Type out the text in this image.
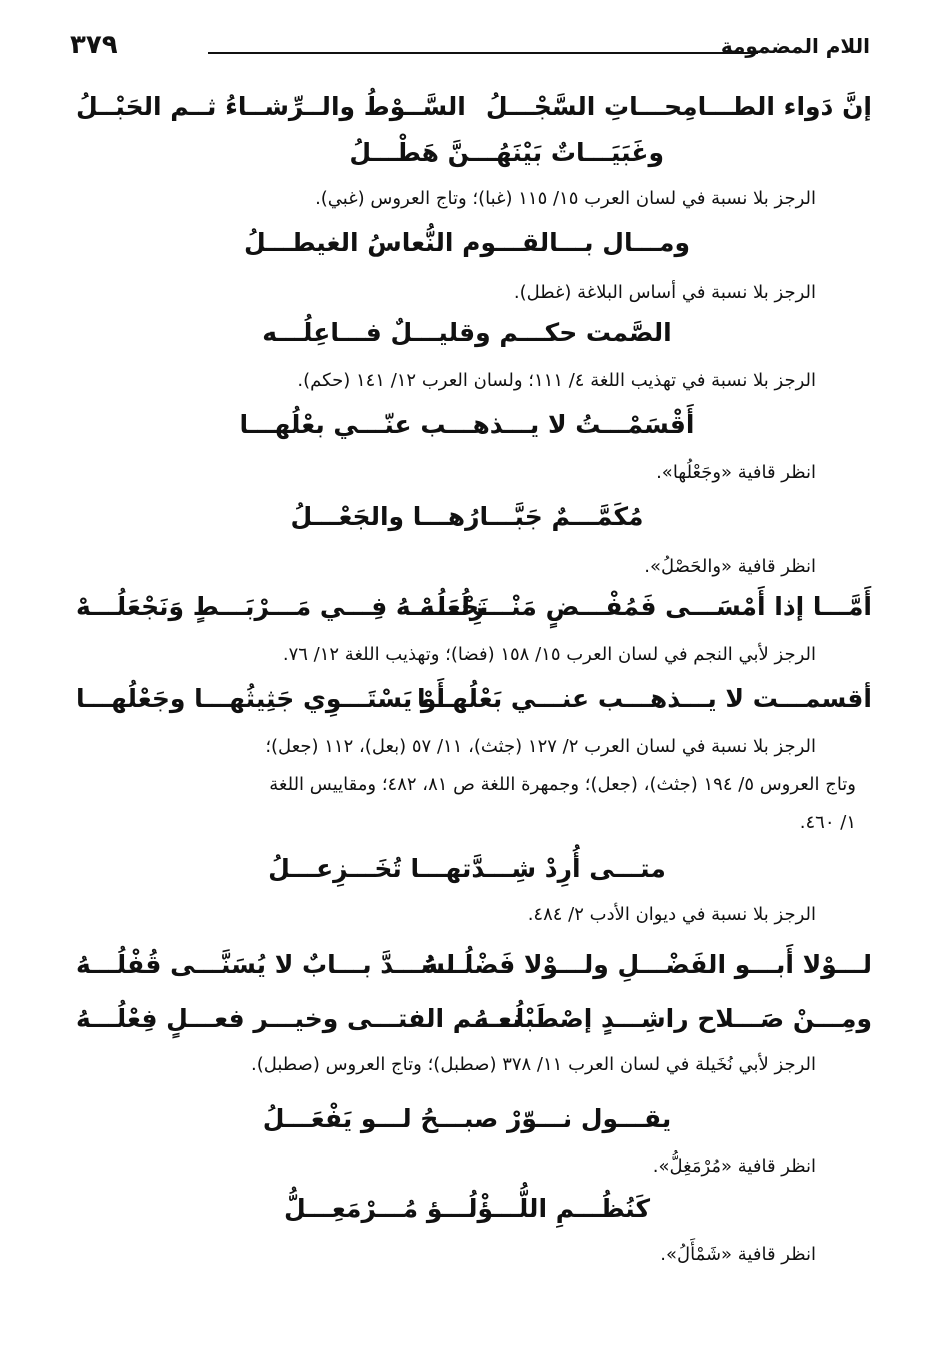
٣٧٩	اللام المضمومة
إنَّ دَواء الطـــامِحـــاتِ السَّجْـــلُ
السَّــوْطُ والــرِّشــاءُ ثــم الحَبْــلُ
وغَبَيَـــاتٌ بَيْنَهُـــنَّ هَطْـــلُ
الرجز بلا نسبة في لسان العرب ١٥/ ١١٥ (غبا)؛ وتاج العروس (غبي).
ومـــال بـــالقـــوم النُّعاسُ الغيطـــلُ
الرجز بلا نسبة في أساس البلاغة (غطل).
الصَّمت حكـــم وقليـــلٌ فـــاعِلُـــه
الرجز بلا نسبة في تهذيب اللغة ٤/ ١١١؛ ولسان العرب ١٢/ ١٤١ (حكم).
أَقْسَمْـــتُ لا يـــذهـــب عنّـــي بعْلُهـــا
انظر قافية «وجَعْلُها».
مُكَمَّـــمٌ جَبَّـــارُهـــا والجَعْـــلُ
انظر قافية «والحَصْلُ».
أَمَّـــا إذا أَمْسَـــى فَمُفْـــضٍ مَنْـــزِلُـــهْ
نَجْعَلُـــهُ فِـــي مَـــرْبَـــطٍ وَنَجْعَلُـــهْ
الرجز لأبي النجم في لسان العرب ١٥/ ١٥٨ (فضا)؛ وتهذيب اللغة ١٢/ ٧٦.
أقسمـــت لا يـــذهـــب عنـــي بَعْلُهـــا
أَوْ يَسْتَـــوِي جَثِيثُهـــا وجَعْلُهـــا
الرجز بلا نسبة في لسان العرب ٢/ ١٢٧ (جثث)، ١١/ ٥٧ (بعل)، ١١٢ (جعل)؛
وتاج العروس ٥/ ١٩٤ (جثث)، (جعل)؛ وجمهرة اللغة ص ٨١، ٤٨٢؛ ومقاييس اللغة
١/ ٤٦٠.
متـــى أُرِدْ شِـــدَّتهـــا تُخَـــزِعـــلُ
الرجز بلا نسبة في ديوان الأدب ٢/ ٤٨٤.
لـــوْلا أَبـــو الفَضْـــلِ ولـــوْلا فَضْلُـــهُ
لسُـــدَّ بـــابٌ لا يُسَنَّـــى قُفْلُـــهُ
ومِـــنْ صَـــلاح راشِـــدٍ إصْطَبْلُـــهُ
نعـــم الفتـــى وخيـــر فعـــلٍ فِعْلُـــهُ
الرجز لأبي نُخَيلة في لسان العرب ١١/ ٣٧٨ (صطبل)؛ وتاج العروس (صطبل).
يقـــول نـــوّرْ صبـــحُ لـــو يَفْعَـــلُ
انظر قافية «مُرْمَغِلُّ».
كَنُظُـــمِ اللُّـــؤْلُـــؤ مُـــرْمَعِـــلُّ
انظر قافية «شَمْأَلُ».
